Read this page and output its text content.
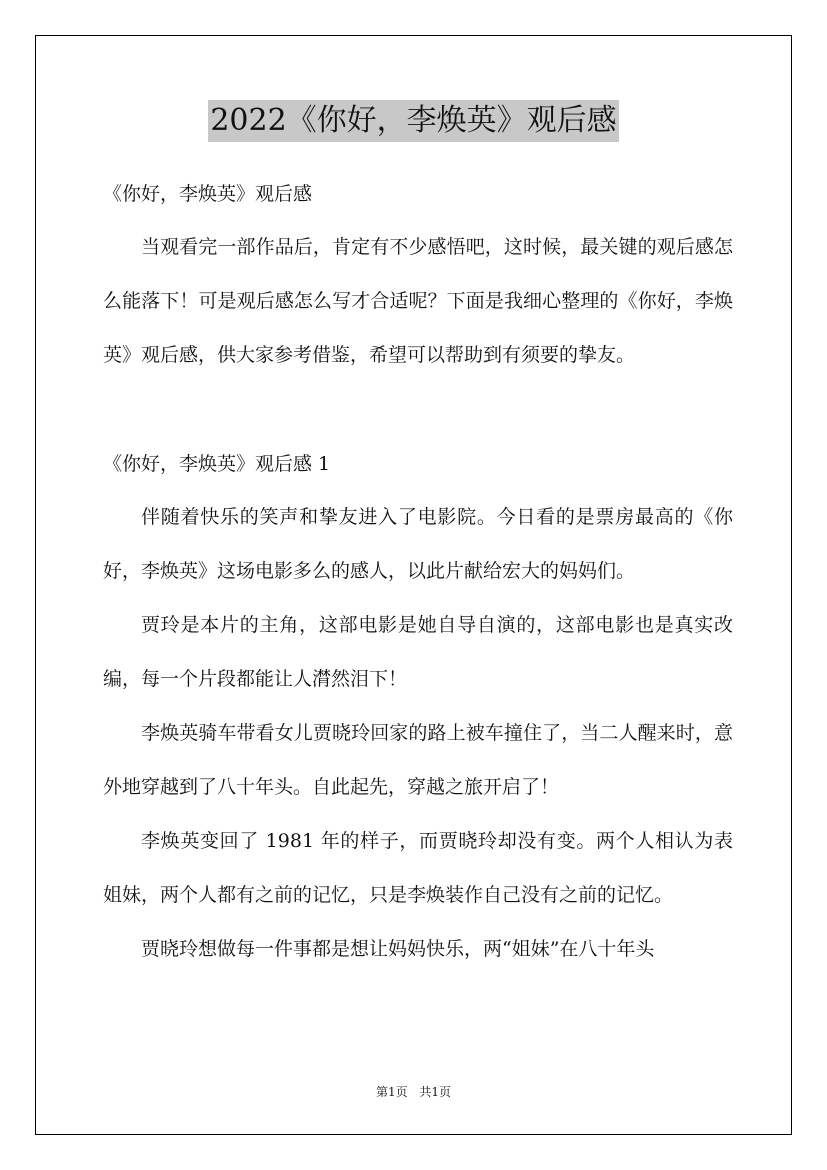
2022《你好，李焕英》观后感

《你好，李焕英》观后感

当观看完一部作品后，肯定有不少感悟吧，这时候，最关键的观后感怎么能落下！可是观后感怎么写才合适呢？下面是我细心整理的《你好，李焕英》观后感，供大家参考借鉴，希望可以帮助到有须要的挚友。

《你好，李焕英》观后感 1

伴随着快乐的笑声和挚友进入了电影院。今日看的是票房最高的《你好，李焕英》这场电影多么的感人，以此片献给宏大的妈妈们。

贾玲是本片的主角，这部电影是她自导自演的，这部电影也是真实改编，每一个片段都能让人潸然泪下！

李焕英骑车带看女儿贾晓玲回家的路上被车撞住了，当二人醒来时，意外地穿越到了八十年头。自此起先，穿越之旅开启了！

李焕英变回了 1981 年的样子，而贾晓玲却没有变。两个人相认为表姐妹，两个人都有之前的记忆，只是李焕装作自己没有之前的记忆。

贾晓玲想做每一件事都是想让妈妈快乐，两“姐妹”在八十年头

第1页 共1页
